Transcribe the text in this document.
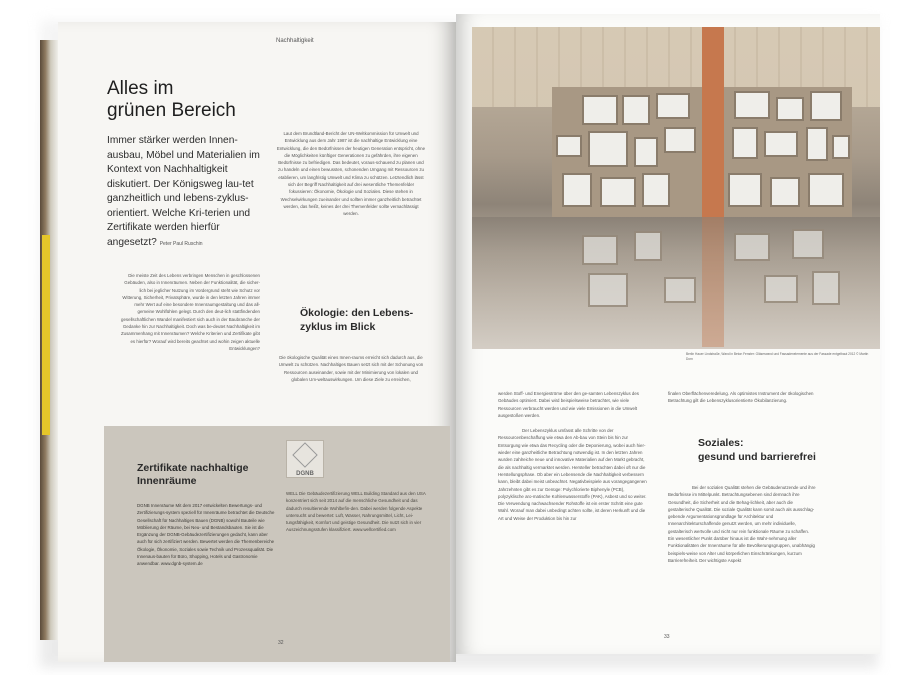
Nachhaltigkeit
Alles im
grünen Bereich
Immer stärker werden Innen-ausbau, Möbel und Materialien im Kontext von Nachhaltigkeit diskutiert. Der Königsweg lau-tet ganzheitlich und lebens-zyklus-orientiert. Welche Kri-terien und Zertifikate werden hierfür angesetzt? Peter Paul Ruschin

Die meiste Zeit des Lebens verbringen Menschen in geschlossenen Gebäuden, also in Innenräumen. Neben der Funktionalität, die sicher-lich bei jeglicher Nutzung im Vordergrund steht wie Schutz vor Witterung, Sicherheit, Privatsphäre, wurde in den letzten Jahren immer mehr Wert auf eine besondere Innenraumgestaltung und das all-gemeine Wohlfühlen gelegt. Durch den deut-lich stattfindenden gesellschaftlichen Wandel manifestiert sich auch in der Baubranche der Gedanke hin zur Nachhaltigkeit. Doch was be-deutet Nachhaltigkeit im Zusammenhang mit Innenräumen? Welche Kriterien und Zertifikate gibt es hierfür? Worauf wird bereits geachtet und wohin zeigen aktuelle Entwicklungen?

Laut dem Brundtland-Bericht der UN-Weltkommission für Umwelt und Entwicklung aus dem Jahr 1987 ist die nachhaltige Entwicklung eine Entwicklung, die den Bedürfnissen der heutigen Generation entspricht, ohne die Möglichkeiten künftiger Generationen zu gefährden, ihre eigenen Bedürfnisse zu befriedigen. Das bedeutet, voraus-schauend zu planen und zu handeln und einen bewussten, schonenden Umgang mit Ressourcen zu etablieren, um langfristig Umwelt und Klima zu schützen. Letztendlich lässt sich der Begriff Nachhaltigkeit auf drei wesentliche Themenfelder fokussieren: Ökonomie, Ökologie und Soziales. Diese stehen in Wechselwirkungen zueinander und sollten immer ganzheitlich betrachtet werden, das heißt, keines der drei Themenfelder sollte vernachlässigt werden.

Ökologie: den Lebens-
zyklus im Blick

Die ökologische Qualität eines Innen-raums erreicht sich dadurch aus, die Umwelt zu schützen. Nachhaltiges Bauen setzt sich mit der Schonung von Ressourcen auseinander, sowie mit der Minimierung von lokalen und globalen Um-weltauswirkungen. Um diese Ziele zu erreichen,

DGNB
Zertifikate nachhaltige
Innenräume

DGNB Innenräume Mit dem 2017 entwickelten Bewertungs- und Zertifizierungs-system speziell für Innenräume betrachtet die Deutsche Gesellschaft für Nachhaltiges Bauen (DGNB) sowohl Bauteile wie Möblierung der Räume, bei Neu- und Bestandsbauten. Sie ist die Ergänzung der DGNB-Gebäudezertifizierungen gedacht, kann aber auch für sich zertifiziert werden. Bewertet werden die Themenbereiche Ökologie, Ökonomie, Soziales sowie Technik und Prozessqualität. Die Innenaus-bauten für Büro, Shopping, Hotels und Gastronomie anwendbar. www.dgnb-system.de

WELL Die Gebäudezertifizierung WELL Building Standard aus den USA konzentriert sich seit 2014 auf die menschliche Gesundheit und das dadurch resultierende Wohlbefin-den. Dabei werden folgende Aspekte untersucht und bewertet: Luft, Wasser, Nahrungsmittel, Licht, Lei-tungsfähigkeit, Komfort und geistige Gesundheit. Die nutzt sich in vier Auszeichnungsstufen klassifiziert. www.wellcertified.com

32
Berlin Hauer Lindstraße, Wand in Beton Fenster: Gläserwand und Fassadenelemente aus der Fassade entgelbaut 2012 © Martin Dorn

werden Stoff- und Energieströme über den ge-samten Lebenszyklus des Gebäudes optimiert. Dabei wird beispielsweise betrachtet, wie viele Ressourcen verbraucht werden und wie viele Emissionen in die Umwelt ausgestoßen werden.

Der Lebenszyklus umfasst alle Schritte von der Ressourcenbeschaffung wie etwa den Ab-bau von Stein bis hin zur Entsorgung wie etwa das Recycling oder die Deponierung, wobei auch hier-wieder eine ganzheitliche Betrachtung notwendig ist. In den letzten Jahren wurden zahlreiche neue und innovative Materialien auf den Markt gebracht, die als nachhaltig vermarktet werden. Hersteller betrachten dabei oft nur die Herstellungsphase. Ob aber ein Lebensende die Nachhaltigkeit verbessern kann, bleibt dabei meist unbeachtet. Negativbeispiele aus vorangegangenen Jahrzehnten gibt es zur Genüge: Polychlorierte Biphenyle (PCB), polyzyklische aro-matische Kohlenwasserstoffe (PAK), Asbest und so weiter. Die Verwendung nachwachsender Rohstoffe ist ein erster Schritt eine gute Wahl. Worauf man dabei unbedingt achten sollte, ist deren Herkunft und die Art und Weise der Produktion bis hin zur

finalen Oberflächenveredelung. Als optimistes Instrument der ökologischen Betrachtung gilt die Lebenszyklusorientierte Ökobilanzierung.

Soziales:
gesund und barrierefrei

Bei der sozialen Qualität stehen die Gebäudenutzende und ihre Bedürfnisse im Mittelpunkt. Betrachtungsebenen sind demnach ihre Gesundheit, die Sicherheit und die Behag-lichkeit, aber auch die gestalterische Qualität. Die soziale Qualität kann somit auch als ausschlag-gebende Argumentationsgrundlage für Architektur und Innenarchitekturschaffende genutzt werden, um mehr individuelle, gestalterisch wertvolle und nicht nur rein funktionale Räume zu schaffen. Ein wesentlicher Punkt darüber hinaus ist die Wahr-nehmung aller Funktionalitäten der Innenräume für alle Bevölkerungsgruppen, unabhängig beispiels-weise von Alter und körperlichen Einschränkungen, kurzum Barrierefreiheit. Der wichtigste Aspekt

33
